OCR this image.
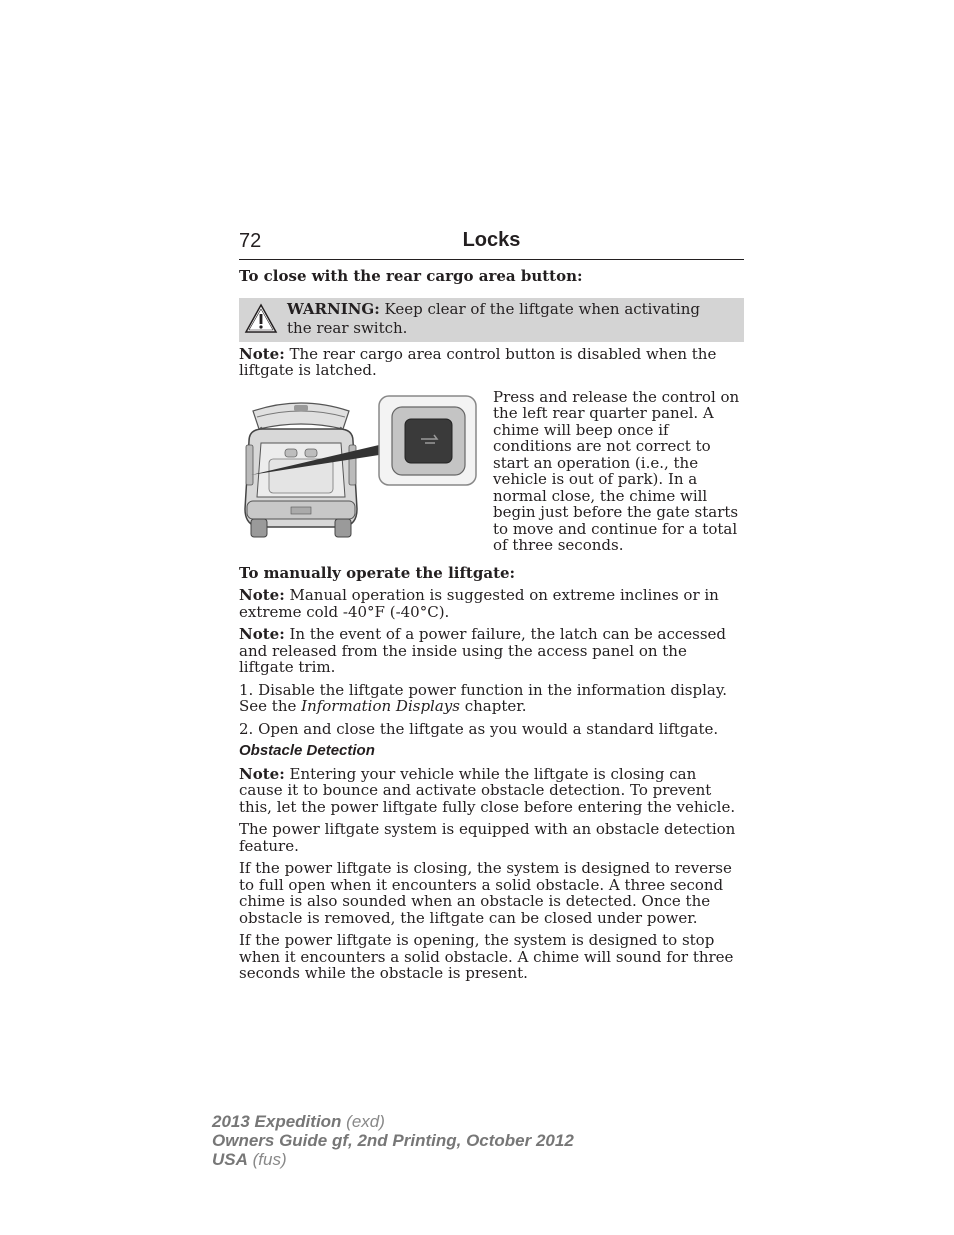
72	Locks

To close with the rear cargo area button:

WARNING: Keep clear of the liftgate when activating the rear switch.

Note: The rear cargo area control button is disabled when the liftgate is latched.

Press and release the control on the left rear quarter panel. A chime will beep once if conditions are not correct to start an operation (i.e., the vehicle is out of park). In a normal close, the chime will begin just before the gate starts to move and continue for a total of three seconds.

To manually operate the liftgate:

Note: Manual operation is suggested on extreme inclines or in extreme cold -40°F (-40°C).

Note: In the event of a power failure, the latch can be accessed and released from the inside using the access panel on the liftgate trim.

1. Disable the liftgate power function in the information display. See the Information Displays chapter.

2. Open and close the liftgate as you would a standard liftgate.

Obstacle Detection

Note: Entering your vehicle while the liftgate is closing can cause it to bounce and activate obstacle detection. To prevent this, let the power liftgate fully close before entering the vehicle.

The power liftgate system is equipped with an obstacle detection feature.

If the power liftgate is closing, the system is designed to reverse to full open when it encounters a solid obstacle. A three second chime is also sounded when an obstacle is detected. Once the obstacle is removed, the liftgate can be closed under power.

If the power liftgate is opening, the system is designed to stop when it encounters a solid obstacle. A chime will sound for three seconds while the obstacle is present.

2013 Expedition (exd)
Owners Guide gf, 2nd Printing, October 2012
USA (fus)
